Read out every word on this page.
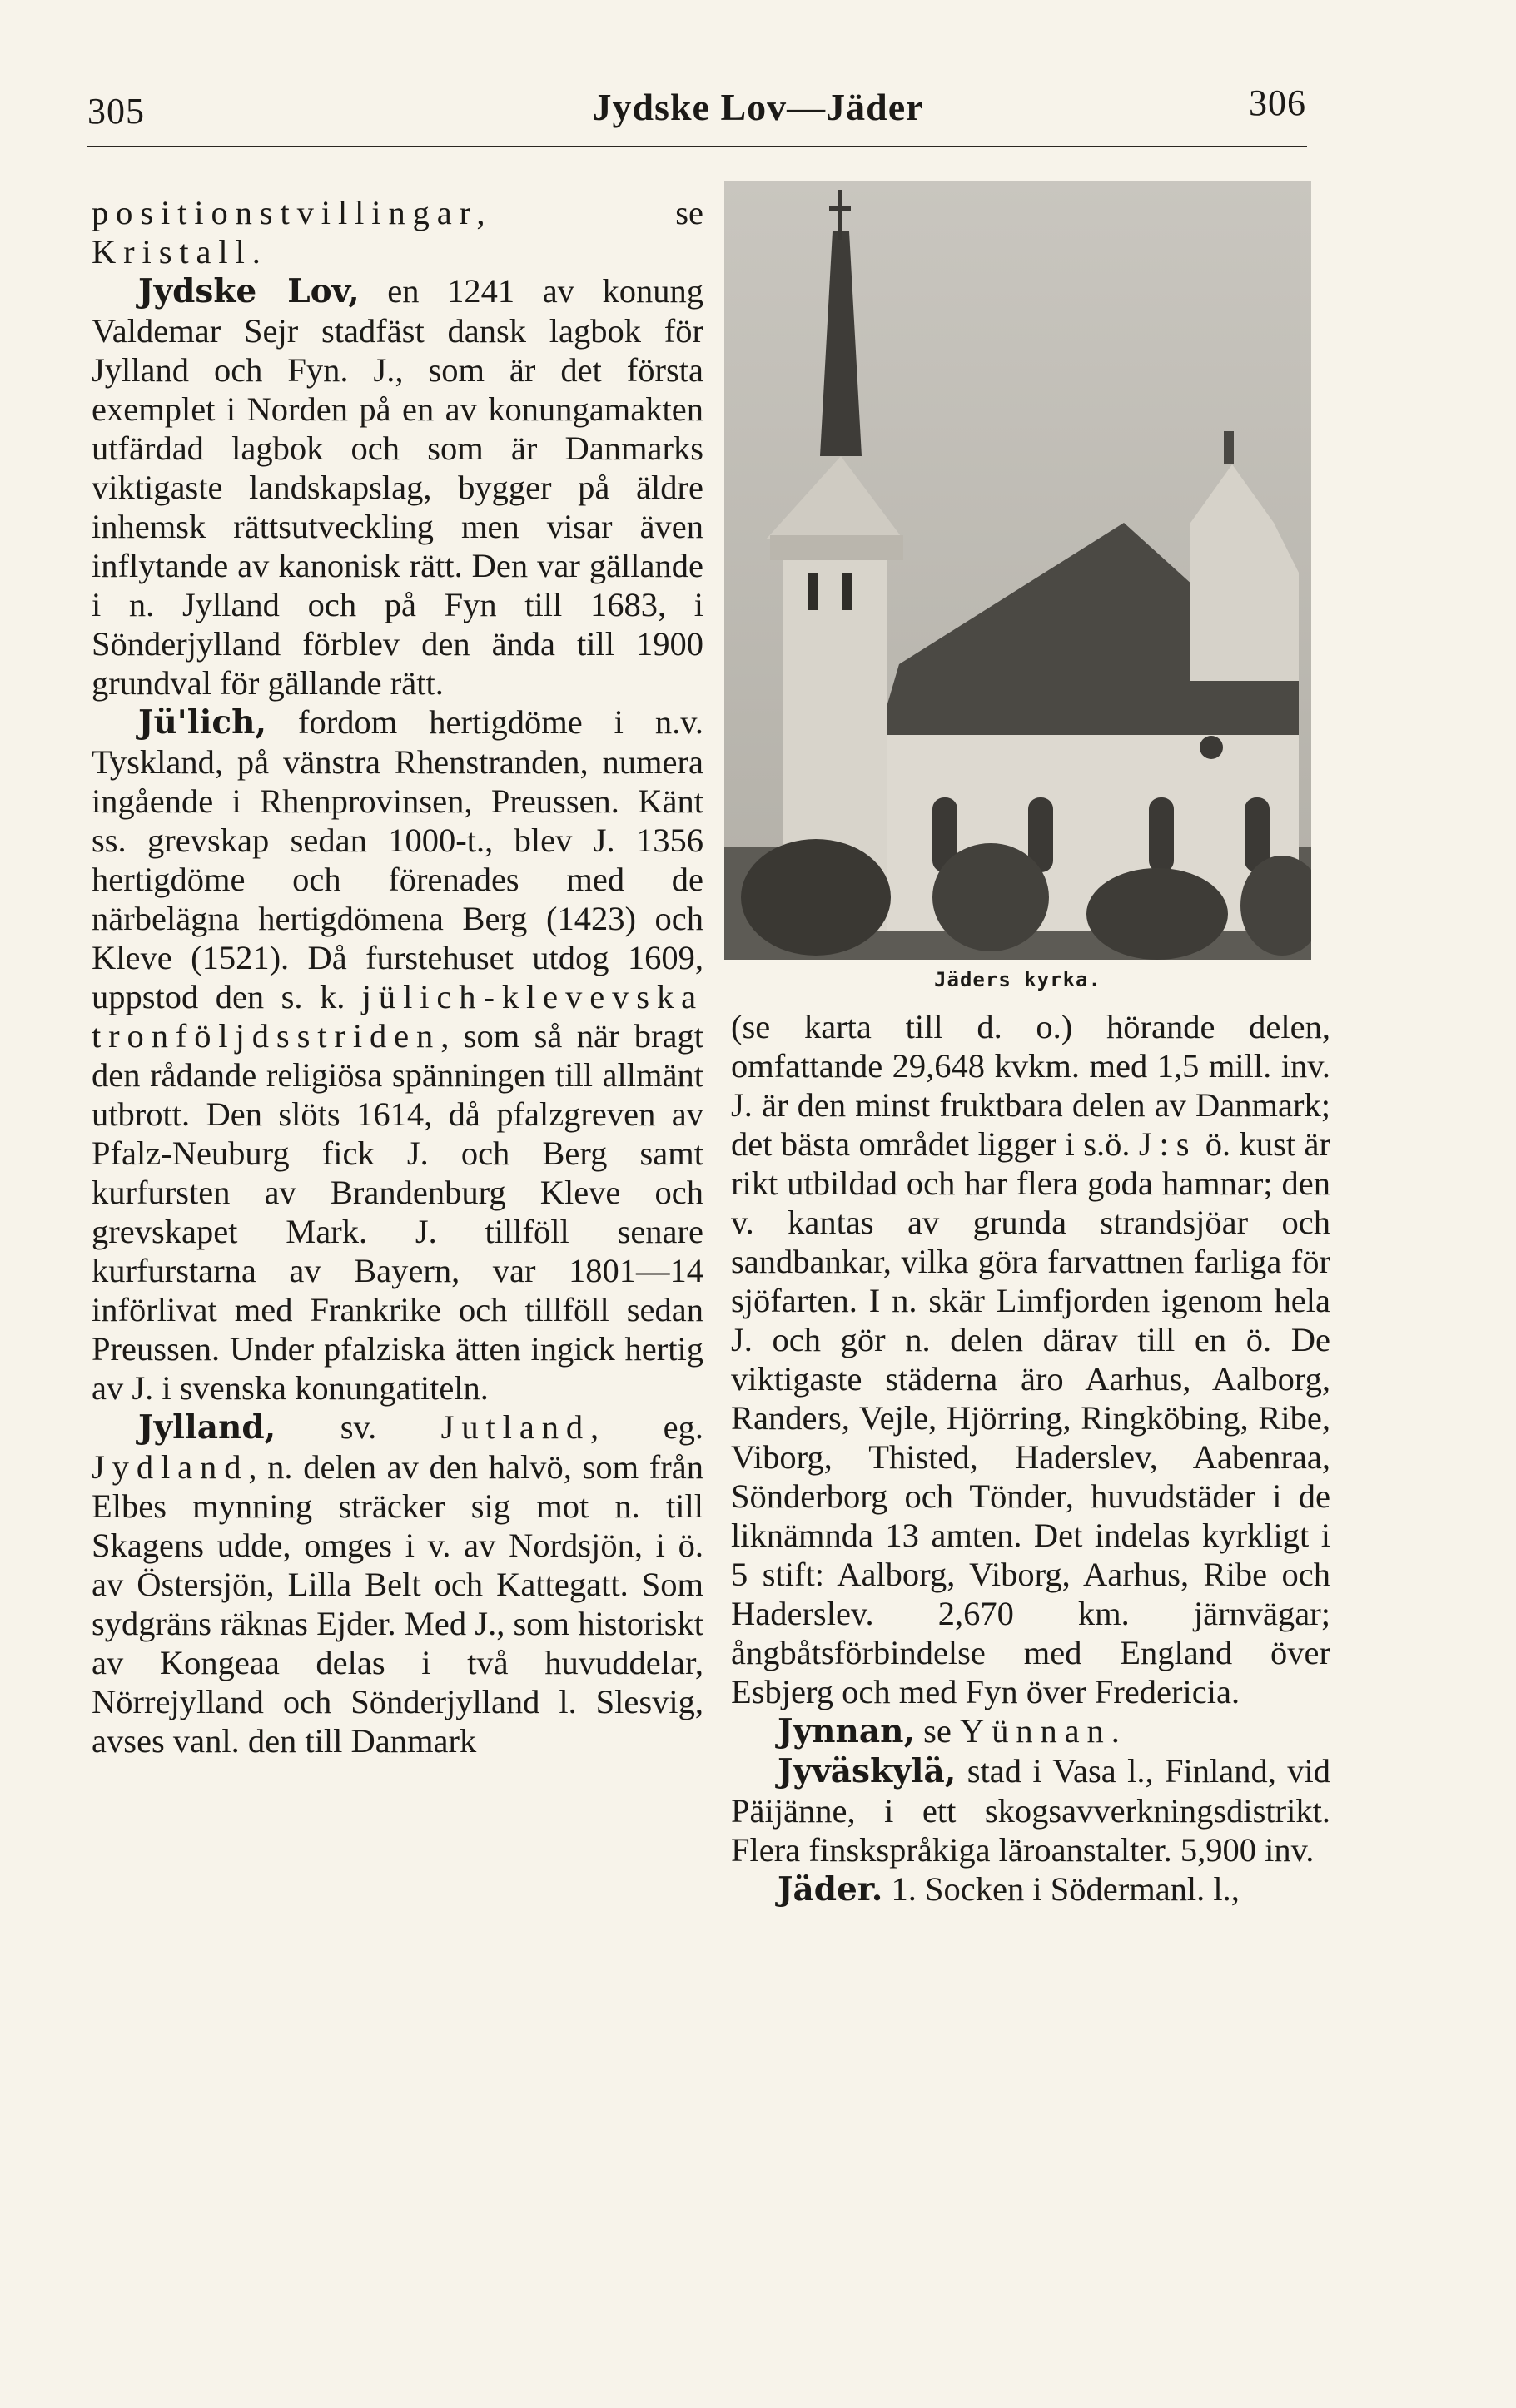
305	Jydske Lov—Jäder	306

positionstvillingar, se Kristall.

Jydske Lov, en 1241 av konung Valdemar Sejr stadfäst dansk lagbok för Jylland och Fyn. J., som är det första exemplet i Norden på en av konungamakten utfärdad lagbok och som är Danmarks viktigaste landskapslag, bygger på äldre inhemsk rättsutveckling men visar även inflytande av kanonisk rätt. Den var gällande i n. Jylland och på Fyn till 1683, i Sönderjylland förblev den ända till 1900 grundval för gällande rätt.

Jü'lich, fordom hertigdöme i n.v. Tyskland, på vänstra Rhenstranden, numera ingående i Rhenprovinsen, Preussen. Känt ss. grevskap sedan 1000-t., blev J. 1356 hertigdöme och förenades med de närbelägna hertigdömena Berg (1423) och Kleve (1521). Då furstehuset utdog 1609, uppstod den s. k. jülich-klevevska tronföljdsstriden, som så när bragt den rådande religiösa spänningen till allmänt utbrott. Den slöts 1614, då pfalzgreven av Pfalz-Neuburg fick J. och Berg samt kurfursten av Brandenburg Kleve och grevskapet Mark. J. tillföll senare kurfurstarna av Bayern, var 1801—14 införlivat med Frankrike och tillföll sedan Preussen. Under pfalziska ätten ingick hertig av J. i svenska konungatiteln.

Jylland, sv. Jutland, eg. Jydland, n. delen av den halvö, som från Elbes mynning sträcker sig mot n. till Skagens udde, omges i v. av Nordsjön, i ö. av Östersjön, Lilla Belt och Kattegatt. Som sydgräns räknas Ejder. Med J., som historiskt av Kongeaa delas i två huvuddelar, Nörrejylland och Sönderjylland l. Slesvig, avses vanl. den till Danmark

Jäders kyrka.

(se karta till d. o.) hörande delen, omfattande 29,648 kvkm. med 1,5 mill. inv. J. är den minst fruktbara delen av Danmark; det bästa området ligger i s.ö. J:s ö. kust är rikt utbildad och har flera goda hamnar; den v. kantas av grunda strandsjöar och sandbankar, vilka göra farvattnen farliga för sjöfarten. I n. skär Limfjorden igenom hela J. och gör n. delen därav till en ö. De viktigaste städerna äro Aarhus, Aalborg, Randers, Vejle, Hjörring, Ringköbing, Ribe, Viborg, Thisted, Haderslev, Aabenraa, Sönderborg och Tönder, huvudstäder i de liknämnda 13 amten. Det indelas kyrkligt i 5 stift: Aalborg, Viborg, Aarhus, Ribe och Haderslev. 2,670 km. järnvägar; ångbåtsförbindelse med England över Esbjerg och med Fyn över Fredericia.

Jynnan, se Yünnan.

Jyväskylä, stad i Vasa l., Finland, vid Päijänne, i ett skogsavverkningsdistrikt. Flera finskspråkiga läroanstalter. 5,900 inv.

Jäder. 1. Socken i Södermanl. l.,
